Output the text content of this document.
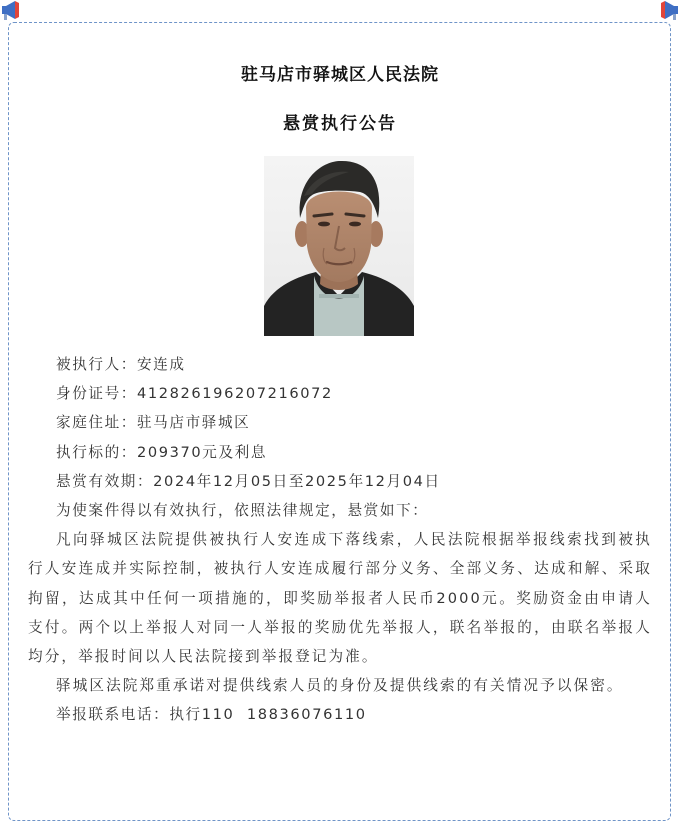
驻马店市驿城区人民法院
悬赏执行公告
被执行人：安连成
身份证号：412826196207216072
家庭住址：驻马店市驿城区
执行标的：209370元及利息
悬赏有效期：2024年12月05日至2025年12月04日
为使案件得以有效执行，依照法律规定，悬赏如下：
凡向驿城区法院提供被执行人安连成下落线索，人民法院根据举报线索找到被执行人安连成并实际控制，被执行人安连成履行部分义务、全部义务、达成和解、采取拘留，达成其中任何一项措施的，即奖励举报者人民币2000元。奖励资金由申请人支付。两个以上举报人对同一人举报的奖励优先举报人，联名举报的，由联名举报人均分，举报时间以人民法院接到举报登记为准。
驿城区法院郑重承诺对提供线索人员的身份及提供线索的有关情况予以保密。
举报联系电话：执行110  18836076110
